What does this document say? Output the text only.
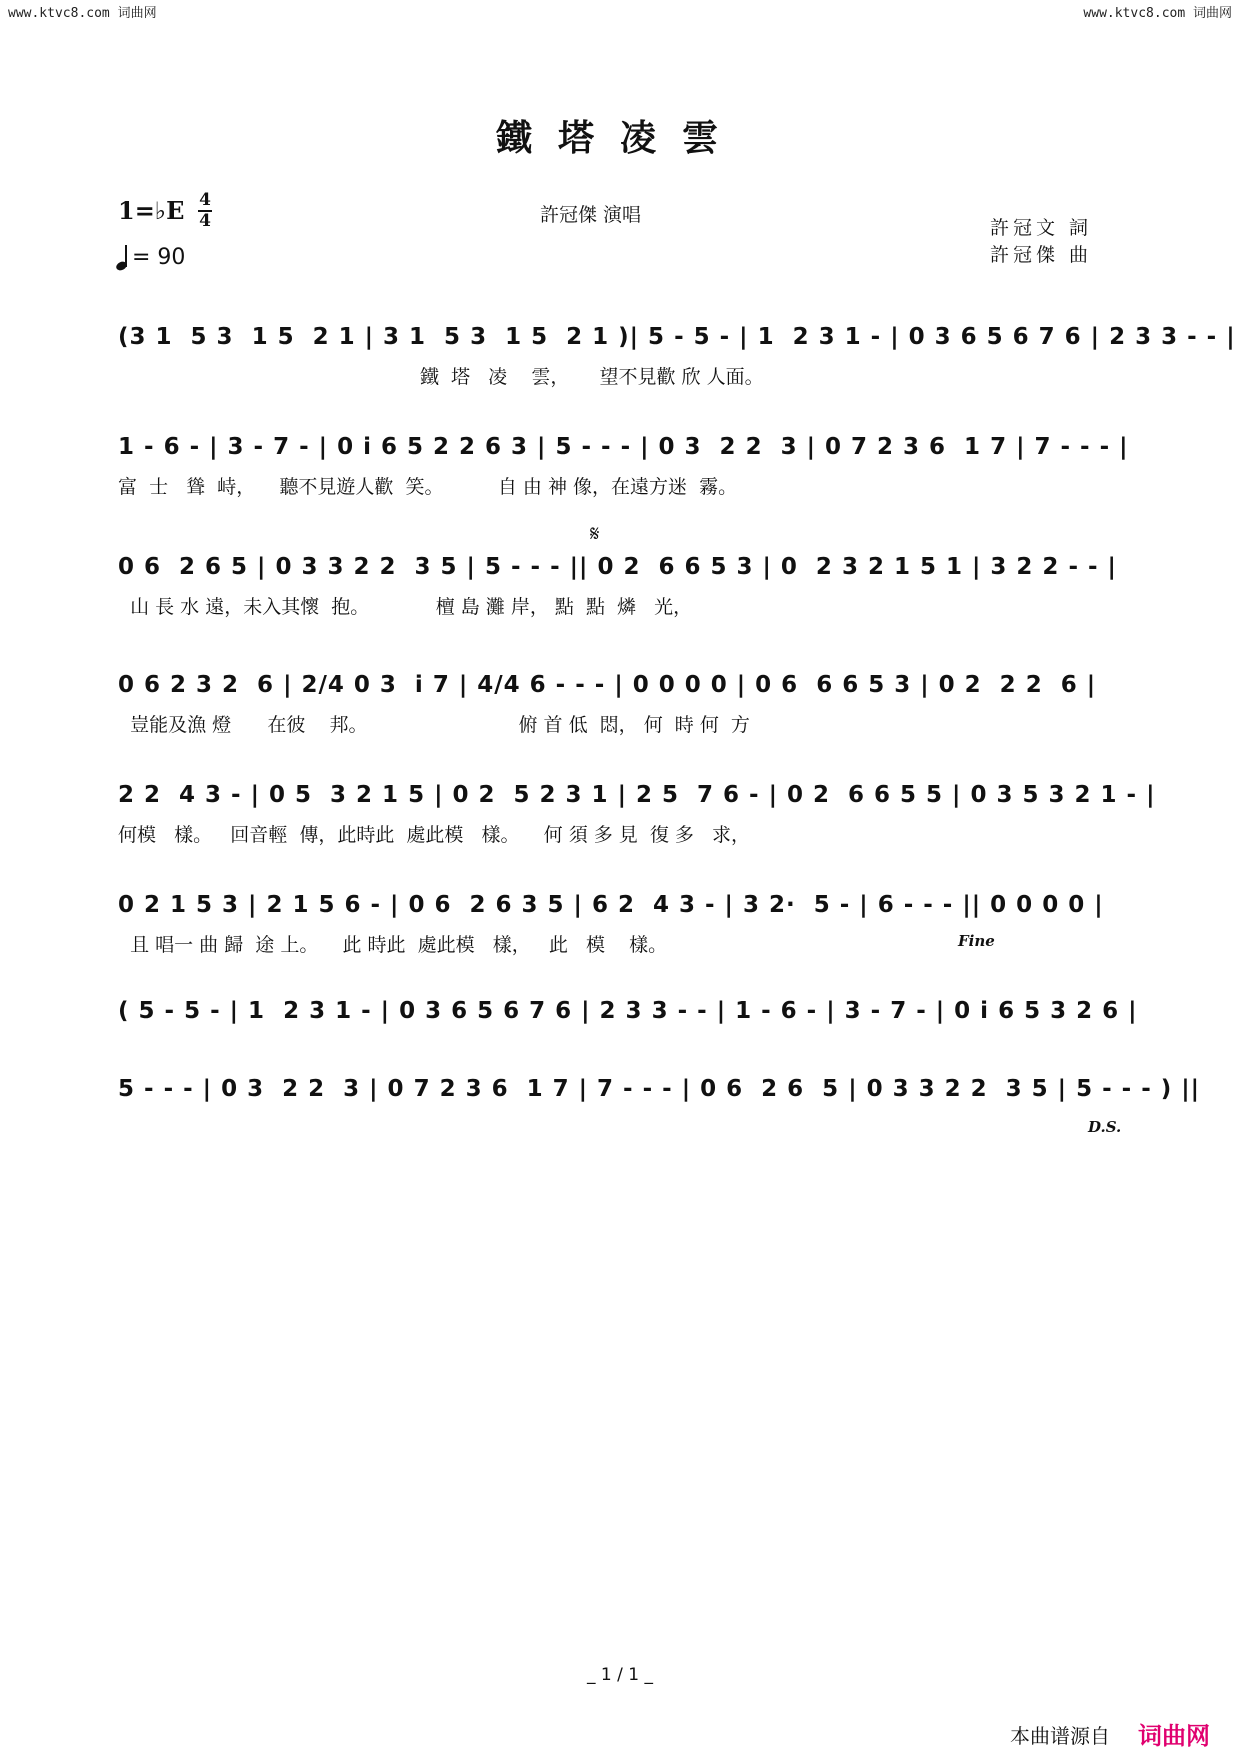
www.ktvc8.com 词曲网	www.ktvc8.com 词曲网
鐵塔凌雲
1=♭E 4
4
= 90
許冠傑 演唱
許冠文 詞
許冠傑 曲
(3 1  5 3  1 5  2 1 | 3 1  5 3  1 5  2 1 )| 5 - 5 - | 1  2 3 1 - | 0 3 6 5 6 7 6 | 2 3 3 - - |
鐵  塔   凌    雲，     望不見歡 欣 人面。
1 - 6 - | 3 - 7 - | 0 i 6 5 2 2 6 3 | 5 - - - | 0 3  2 2  3 | 0 7 2 3 6  1 7 | 7 - - - |
富  士   聳  峙，    聽不見遊人歡  笑。         自 由 神 像，在遠方迷  霧。
𝄋
0 6  2 6 5 | 0 3 3 2 2  3 5 | 5 - - - || 0 2  6 6 5 3 | 0  2 3 2 1 5 1 | 3 2 2 - - |
山 長 水 遠，未入其懷  抱。           檀 島 灘 岸， 點  點  燐   光，
0 6 2 3 2  6 | 2/4 0 3  i 7 | 4/4 6 - - - | 0 0 0 0 | 0 6  6 6 5 3 | 0 2  2 2  6 |
豈能及漁 燈      在彼    邦。                         俯 首 低  悶， 何  時 何  方
2 2  4 3 - | 0 5  3 2 1 5 | 0 2  5 2 3 1 | 2 5  7 6 - | 0 2  6 6 5 5 | 0 3 5 3 2 1 - |
何模   樣。   回音輕  傳，此時此  處此模   樣。    何 須 多 見  復 多   求，
0 2 1 5 3 | 2 1 5 6 - | 0 6  2 6 3 5 | 6 2  4 3 - | 3 2·  5 - | 6 - - - || 0 0 0 0 |
且 唱一 曲 歸  途 上。    此 時此  處此模   樣，   此   模    樣。	Fine
( 5 - 5 - | 1  2 3 1 - | 0 3 6 5 6 7 6 | 2 3 3 - - | 1 - 6 - | 3 - 7 - | 0 i 6 5 3 2 6 |
5 - - - | 0 3  2 2  3 | 0 7 2 3 6  1 7 | 7 - - - | 0 6  2 6  5 | 0 3 3 2 2  3 5 | 5 - - - ) ||
D.S.
_ 1 / 1 _
本曲谱源自 词曲网
